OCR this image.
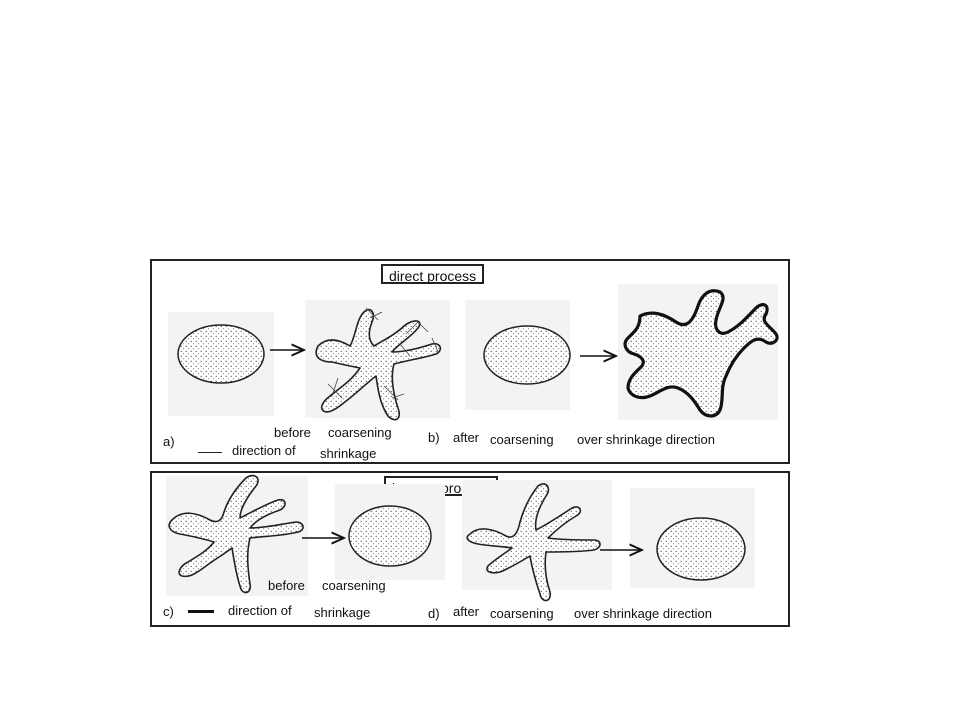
direct process
before coarsening
a)
direction of shrinkage
b) after coarsening over shrinkage direction
before coarsening
c)	direction of shrinkage	d) after coarsening over shrinkage direction
